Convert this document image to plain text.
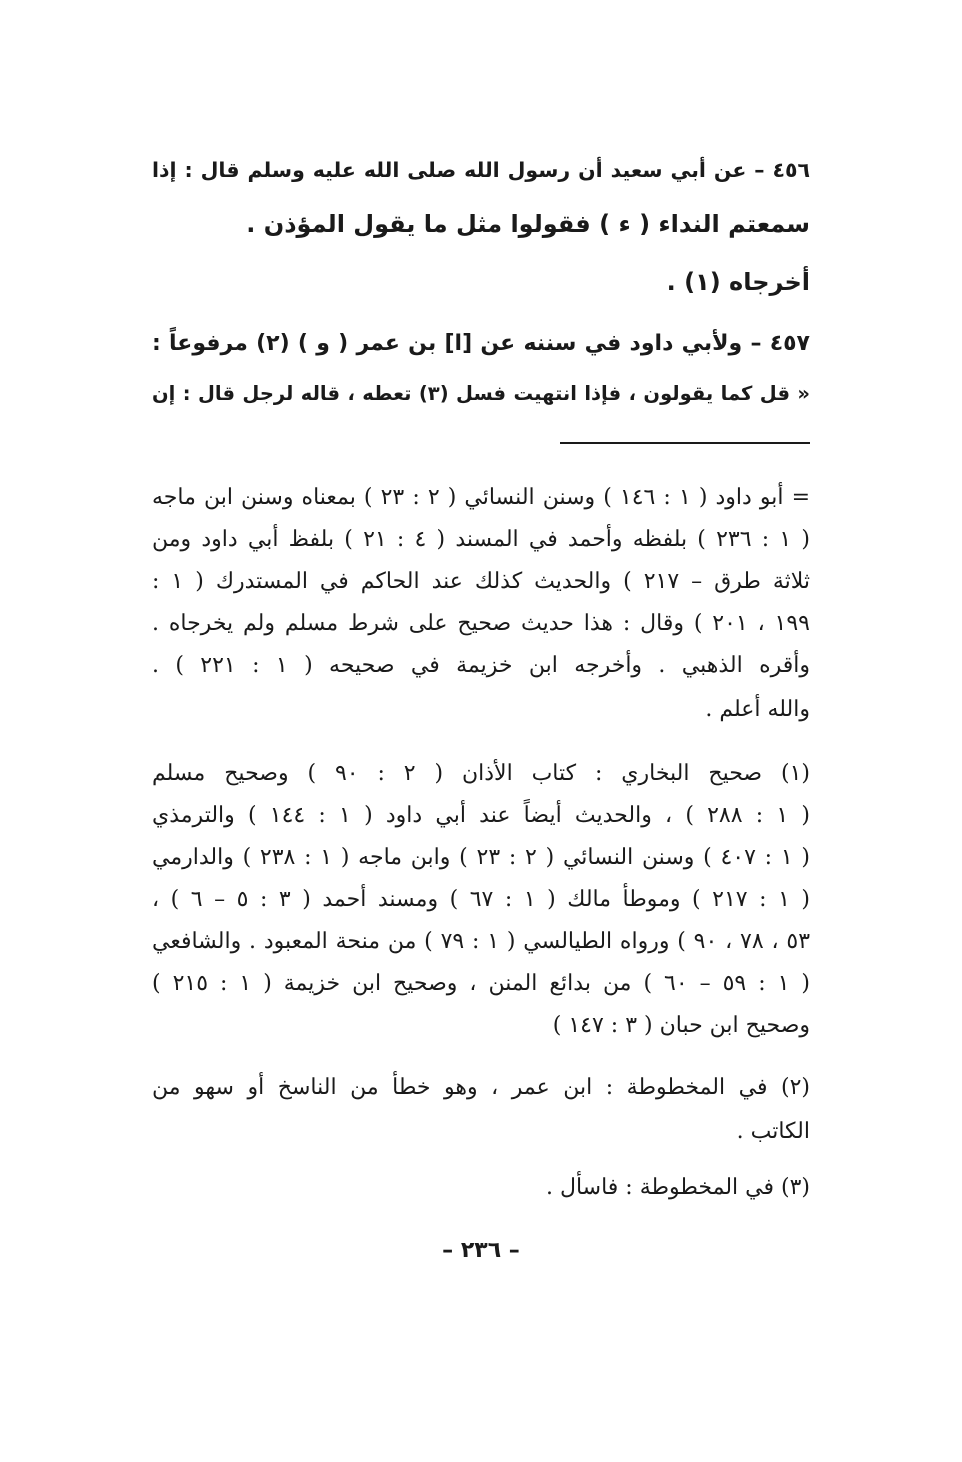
٤٥٦ – عن أبي سعيد أن رسول الله صلى الله عليه وسلم قال : إذا
سمعتم النداء ( ء ) فقولوا مثل ما يقول المؤذن .
أخرجاه (١) .
٤٥٧ – ولأبي داود في سننه عن [ا] بن عمر ( و ) (٢) مرفوعاً :
« قل كما يقولون ، فإذا انتهيت فسل (٣) تعطه ، قاله لرجل قال : إن
= أبو داود ( ١ : ١٤٦ ) وسنن النسائي ( ٢ : ٢٣ ) بمعناه وسنن ابن ماجه
( ١ : ٢٣٦ ) بلفظه وأحمد في المسند ( ٤ : ٢١ ) بلفظ أبي داود ومن
ثلاثة طرق – ٢١٧ ) والحديث كذلك عند الحاكم في المستدرك ( ١ :
١٩٩ ، ٢٠١ ) وقال : هذا حديث صحيح على شرط مسلم ولم يخرجاه .
وأقره الذهبي . وأخرجه ابن خزيمة في صحيحه ( ١ : ٢٢١ ) .
والله أعلم .
(١) صحيح البخاري : كتاب الأذان ( ٢ : ٩٠ ) وصحيح مسلم
( ١ : ٢٨٨ ) ، والحديث أيضاً عند أبي داود ( ١ : ١٤٤ ) والترمذي
( ١ : ٤٠٧ ) وسنن النسائي ( ٢ : ٢٣ ) وابن ماجه ( ١ : ٢٣٨ ) والدارمي
( ١ : ٢١٧ ) وموطأ مالك ( ١ : ٦٧ ) ومسند أحمد ( ٣ : ٥ – ٦ ) ،
٥٣ ، ٧٨ ، ٩٠ ) ورواه الطيالسي ( ١ : ٧٩ ) من منحة المعبود . والشافعي
( ١ : ٥٩ – ٦٠ ) من بدائع المنن ، وصحيح ابن خزيمة ( ١ : ٢١٥ )
وصحيح ابن حبان ( ٣ : ١٤٧ )
(٢) في المخطوطة : ابن عمر ، وهو خطأ من الناسخ أو سهو من
الكاتب .
(٣) في المخطوطة : فاسأل .
– ٢٣٦ –
